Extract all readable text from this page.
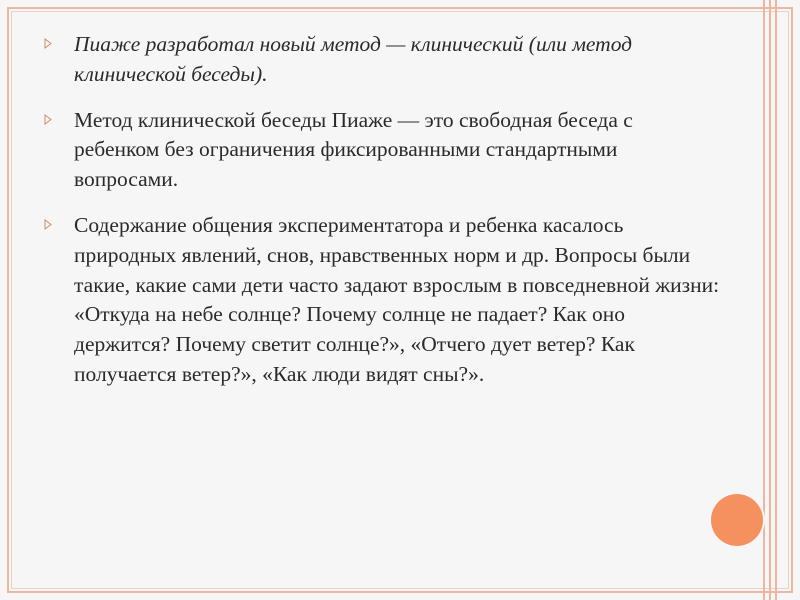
Пиаже разработал новый метод — клинический (или метод клинической беседы).
Метод клинической беседы Пиаже — это свободная беседа с ребенком без ограничения фиксированными стандартными вопросами.
Содержание общения экспериментатора и ребенка касалось природных явлений, снов, нравственных норм и др. Вопросы были такие, какие сами дети часто задают взрослым в повседневной жизни: «Откуда на небе солнце? Почему солнце не падает? Как оно держится? Почему светит солнце?», «Отчего дует ветер? Как получается ветер?», «Как люди видят сны?».
